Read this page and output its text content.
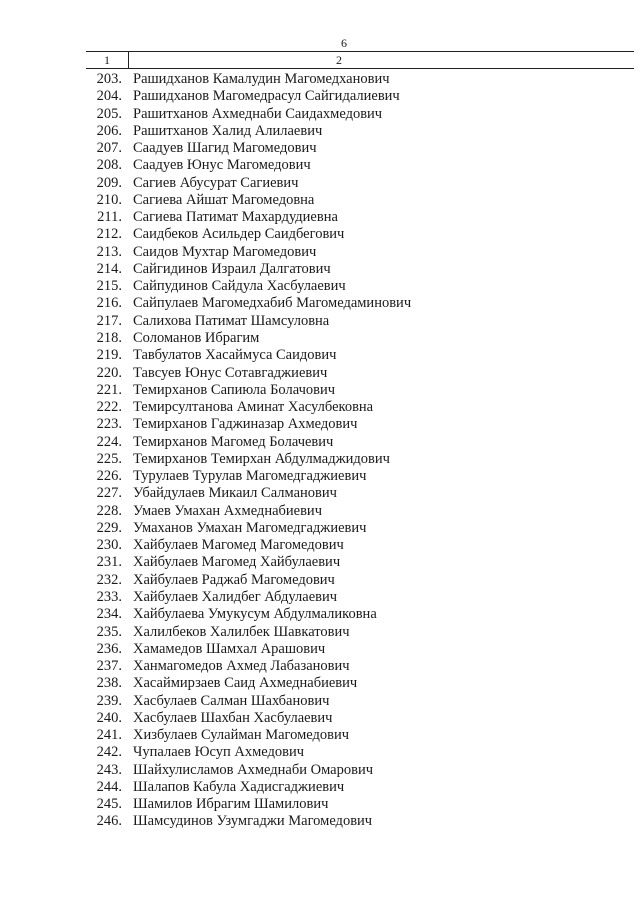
6
1	2
203. Рашидханов Камалудин Магомедханович
204. Рашидханов Магомедрасул Сайгидалиевич
205. Рашитханов Ахмеднаби Саидахмедович
206. Рашитханов Халид Алилаевич
207. Саадуев Шагид Магомедович
208. Саадуев Юнус Магомедович
209. Сагиев Абусурат Сагиевич
210. Сагиева Айшат Магомедовна
211. Сагиева Патимат Махардудиевна
212. Саидбеков Асильдер Саидбегович
213. Саидов Мухтар Магомедович
214. Сайгидинов Израил Далгатович
215. Сайпудинов Сайдула Хасбулаевич
216. Сайпулаев Магомедхабиб Магомедаминович
217. Салихова Патимат Шамсуловна
218. Соломанов Ибрагим
219. Тавбулатов Хасаймуса Саидович
220. Тавсуев Юнус Сотавгаджиевич
221. Темирханов Сапиюла Болачович
222. Темирсултанова Аминат Хасулбековна
223. Темирханов Гаджиназар Ахмедович
224. Темирханов Магомед Болачевич
225. Темирханов Темирхан Абдулмаджидович
226. Турулаев Турулав Магомедгаджиевич
227. Убайдулаев Микаил Салманович
228. Умаев Умахан Ахмеднабиевич
229. Умаханов Умахан Магомедгаджиевич
230. Хайбулаев Магомед Магомедович
231. Хайбулаев Магомед Хайбулаевич
232. Хайбулаев Раджаб Магомедович
233. Хайбулаев Халидбег Абдулаевич
234. Хайбулаева Умукусум Абдулмаликовна
235. Халилбеков Халилбек Шавкатович
236. Хамамедов Шамхал Арашович
237. Ханмагомедов Ахмед Лабазанович
238. Хасаймирзаев Саид Ахмеднабиевич
239. Хасбулаев Салман Шахбанович
240. Хасбулаев Шахбан Хасбулаевич
241. Хизбулаев Сулайман Магомедович
242. Чупалаев Юсуп Ахмедович
243. Шайхулисламов Ахмеднаби Омарович
244. Шалапов Кабула Хадисгаджиевич
245. Шамилов Ибрагим Шамилович
246. Шамсудинов Узумгаджи Магомедович
